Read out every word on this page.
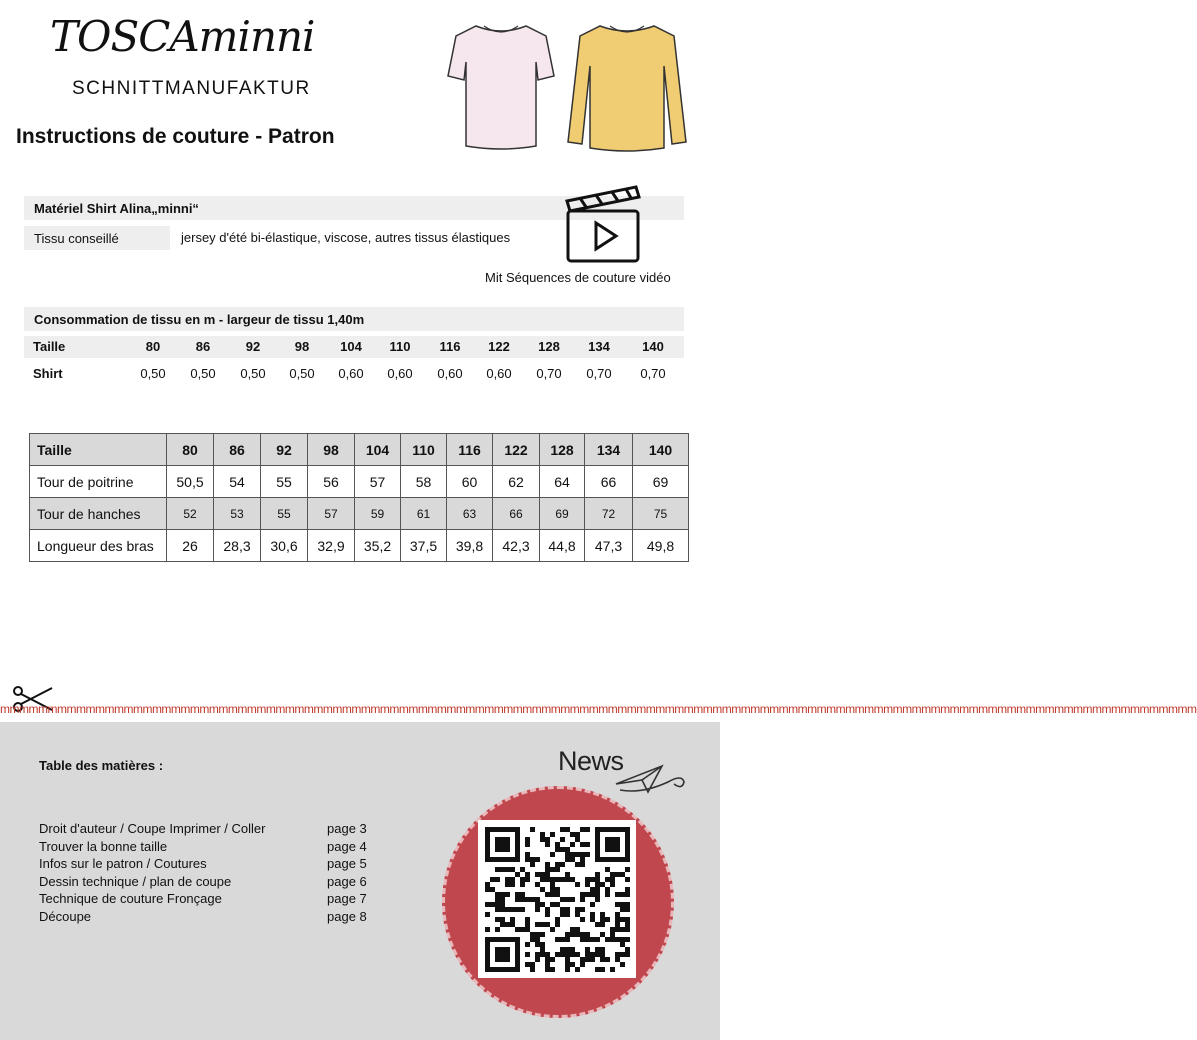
TOSCAminni
SCHNITTMANUFAKTUR
Instructions de couture - Patron
Matériel Shirt Alina„minni“
Tissu conseillé	jersey d'été bi-élastique, viscose, autres tissus élastiques
Mit Séquences de couture vidéo
Consommation de tissu en m - largeur de tissu 1,40m
Taille	80	86	92	98	104	110	116	122	128	134	140
Shirt	0,50	0,50	0,50	0,50	0,60	0,60	0,60	0,60	0,70	0,70	0,70
Taille	80	86	92	98	104	110	116	122	128	134	140
Tour de poitrine	50,5	54	55	56	57	58	60	62	64	66	69
Tour de hanches	52	53	55	57	59	61	63	66	69	72	75
Longueur des bras	26	28,3	30,6	32,9	35,2	37,5	39,8	42,3	44,8	47,3	49,8
mmmmmmmmmmmmmmmmmmmmmmmmmmmmmmmmmmmmmmmmmmmmmmmmmmmmmmmmmmmmmmmmmmmmmmmmmmmmmmmmmmmmmmmmmmmmmmmmmmmmmmmmmmmmmmmmmmmmmmmmmmmmmm
Table des matières :
Droit d'auteur / Coupe Imprimer / Coller	page 3
Trouver la bonne taille	page 4
Infos sur le patron / Coutures	page 5
Dessin technique / plan de coupe	page 6
Technique de couture Fronçage	page 7
Découpe	page 8
News
